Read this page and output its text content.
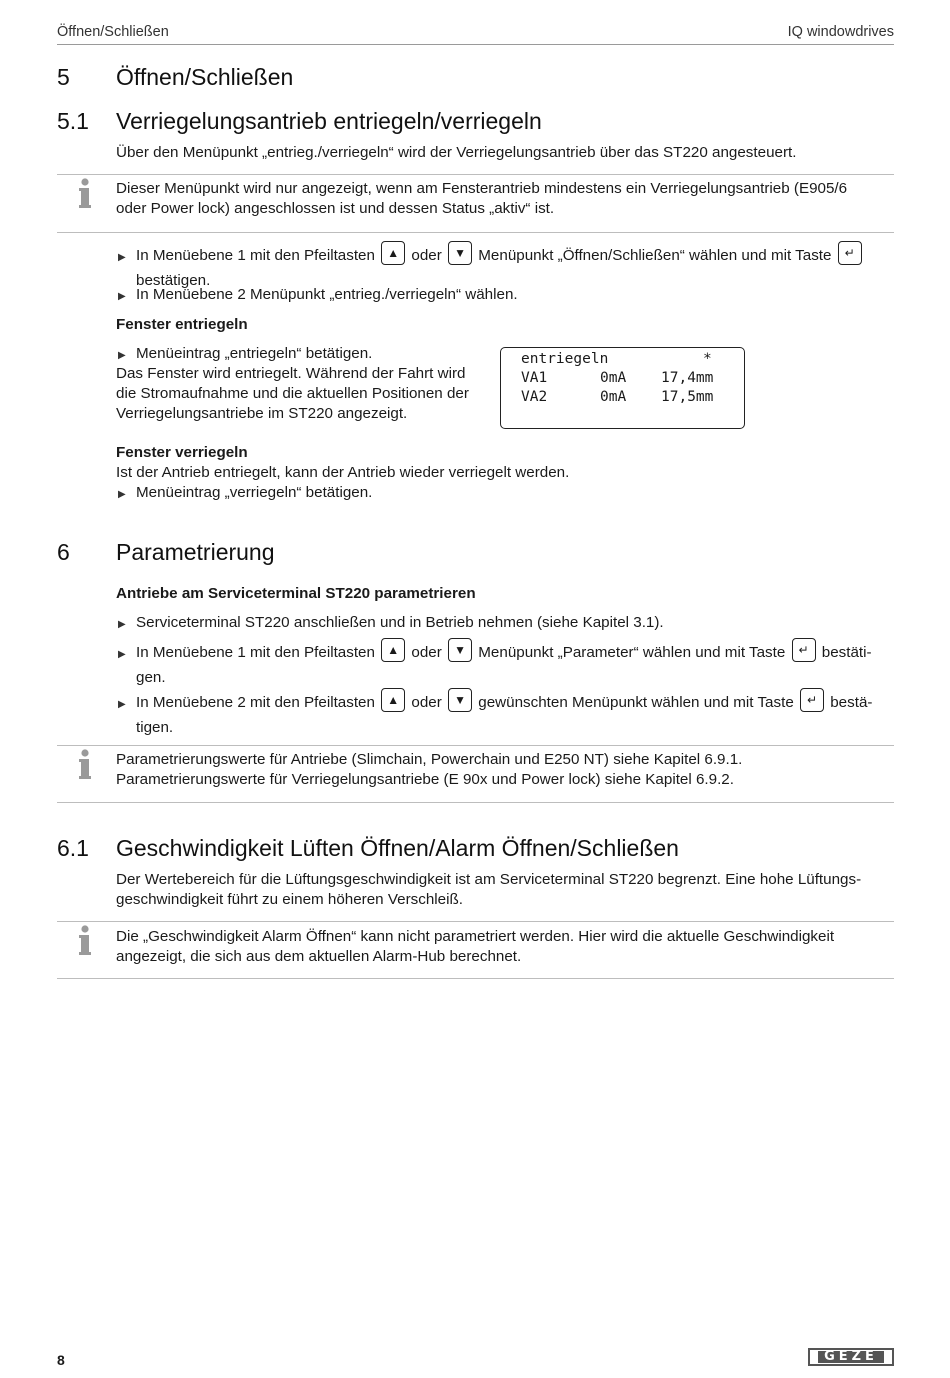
Öffnen/Schließen	IQ windowdrives
5 Öffnen/Schließen
5.1 Verriegelungsantrieb entriegeln/verriegeln
Über den Menüpunkt „entrieg./verriegeln“ wird der Verriegelungsantrieb über das ST220 angesteuert.
Dieser Menüpunkt wird nur angezeigt, wenn am Fensterantrieb mindestens ein Verriegelungsantrieb (E905/6
oder Power lock) angeschlossen ist und dessen Status „aktiv“ ist.
▶ In Menüebene 1 mit den Pfeiltasten ▲ oder ▼ Menüpunkt „Öffnen/Schließen“ wählen und mit Taste ↵
bestätigen.
▶ In Menüebene 2 Menüpunkt „entrieg./verriegeln“ wählen.
Fenster entriegeln
▶ Menüeintrag „entriegeln“ betätigen.
Das Fenster wird entriegelt. Während der Fahrt wird
die Stromaufnahme und die aktuellen Positionen der
Verriegelungsantriebe im ST220 angezeigt.
entriegeln	*
VA1	0mA 17,4mm
VA2	0mA 17,5mm
Fenster verriegeln
Ist der Antrieb entriegelt, kann der Antrieb wieder verriegelt werden.
▶ Menüeintrag „verriegeln“ betätigen.
6 Parametrierung
Antriebe am Serviceterminal ST220 parametrieren
▶ Serviceterminal ST220 anschließen und in Betrieb nehmen (siehe Kapitel 3.1).
▶ In Menüebene 1 mit den Pfeiltasten ▲ oder ▼ Menüpunkt „Parameter“ wählen und mit Taste ↵ bestäti-
gen.
▶ In Menüebene 2 mit den Pfeiltasten ▲ oder ▼ gewünschten Menüpunkt wählen und mit Taste ↵ bestä-
tigen.
Parametrierungswerte für Antriebe (Slimchain, Powerchain und E250 NT) siehe Kapitel 6.9.1.
Parametrierungswerte für Verriegelungsantriebe (E 90x und Power lock) siehe Kapitel 6.9.2.
6.1 Geschwindigkeit Lüften Öffnen/Alarm Öffnen/Schließen
Der Wertebereich für die Lüftungsgeschwindigkeit ist am Serviceterminal ST220 begrenzt. Eine hohe Lüftungs-
geschwindigkeit führt zu einem höheren Verschleiß.
Die „Geschwindigkeit Alarm Öffnen“ kann nicht parametriert werden. Hier wird die aktuelle Geschwindigkeit
angezeigt, die sich aus dem aktuellen Alarm-Hub berechnet.
8	GEZE
